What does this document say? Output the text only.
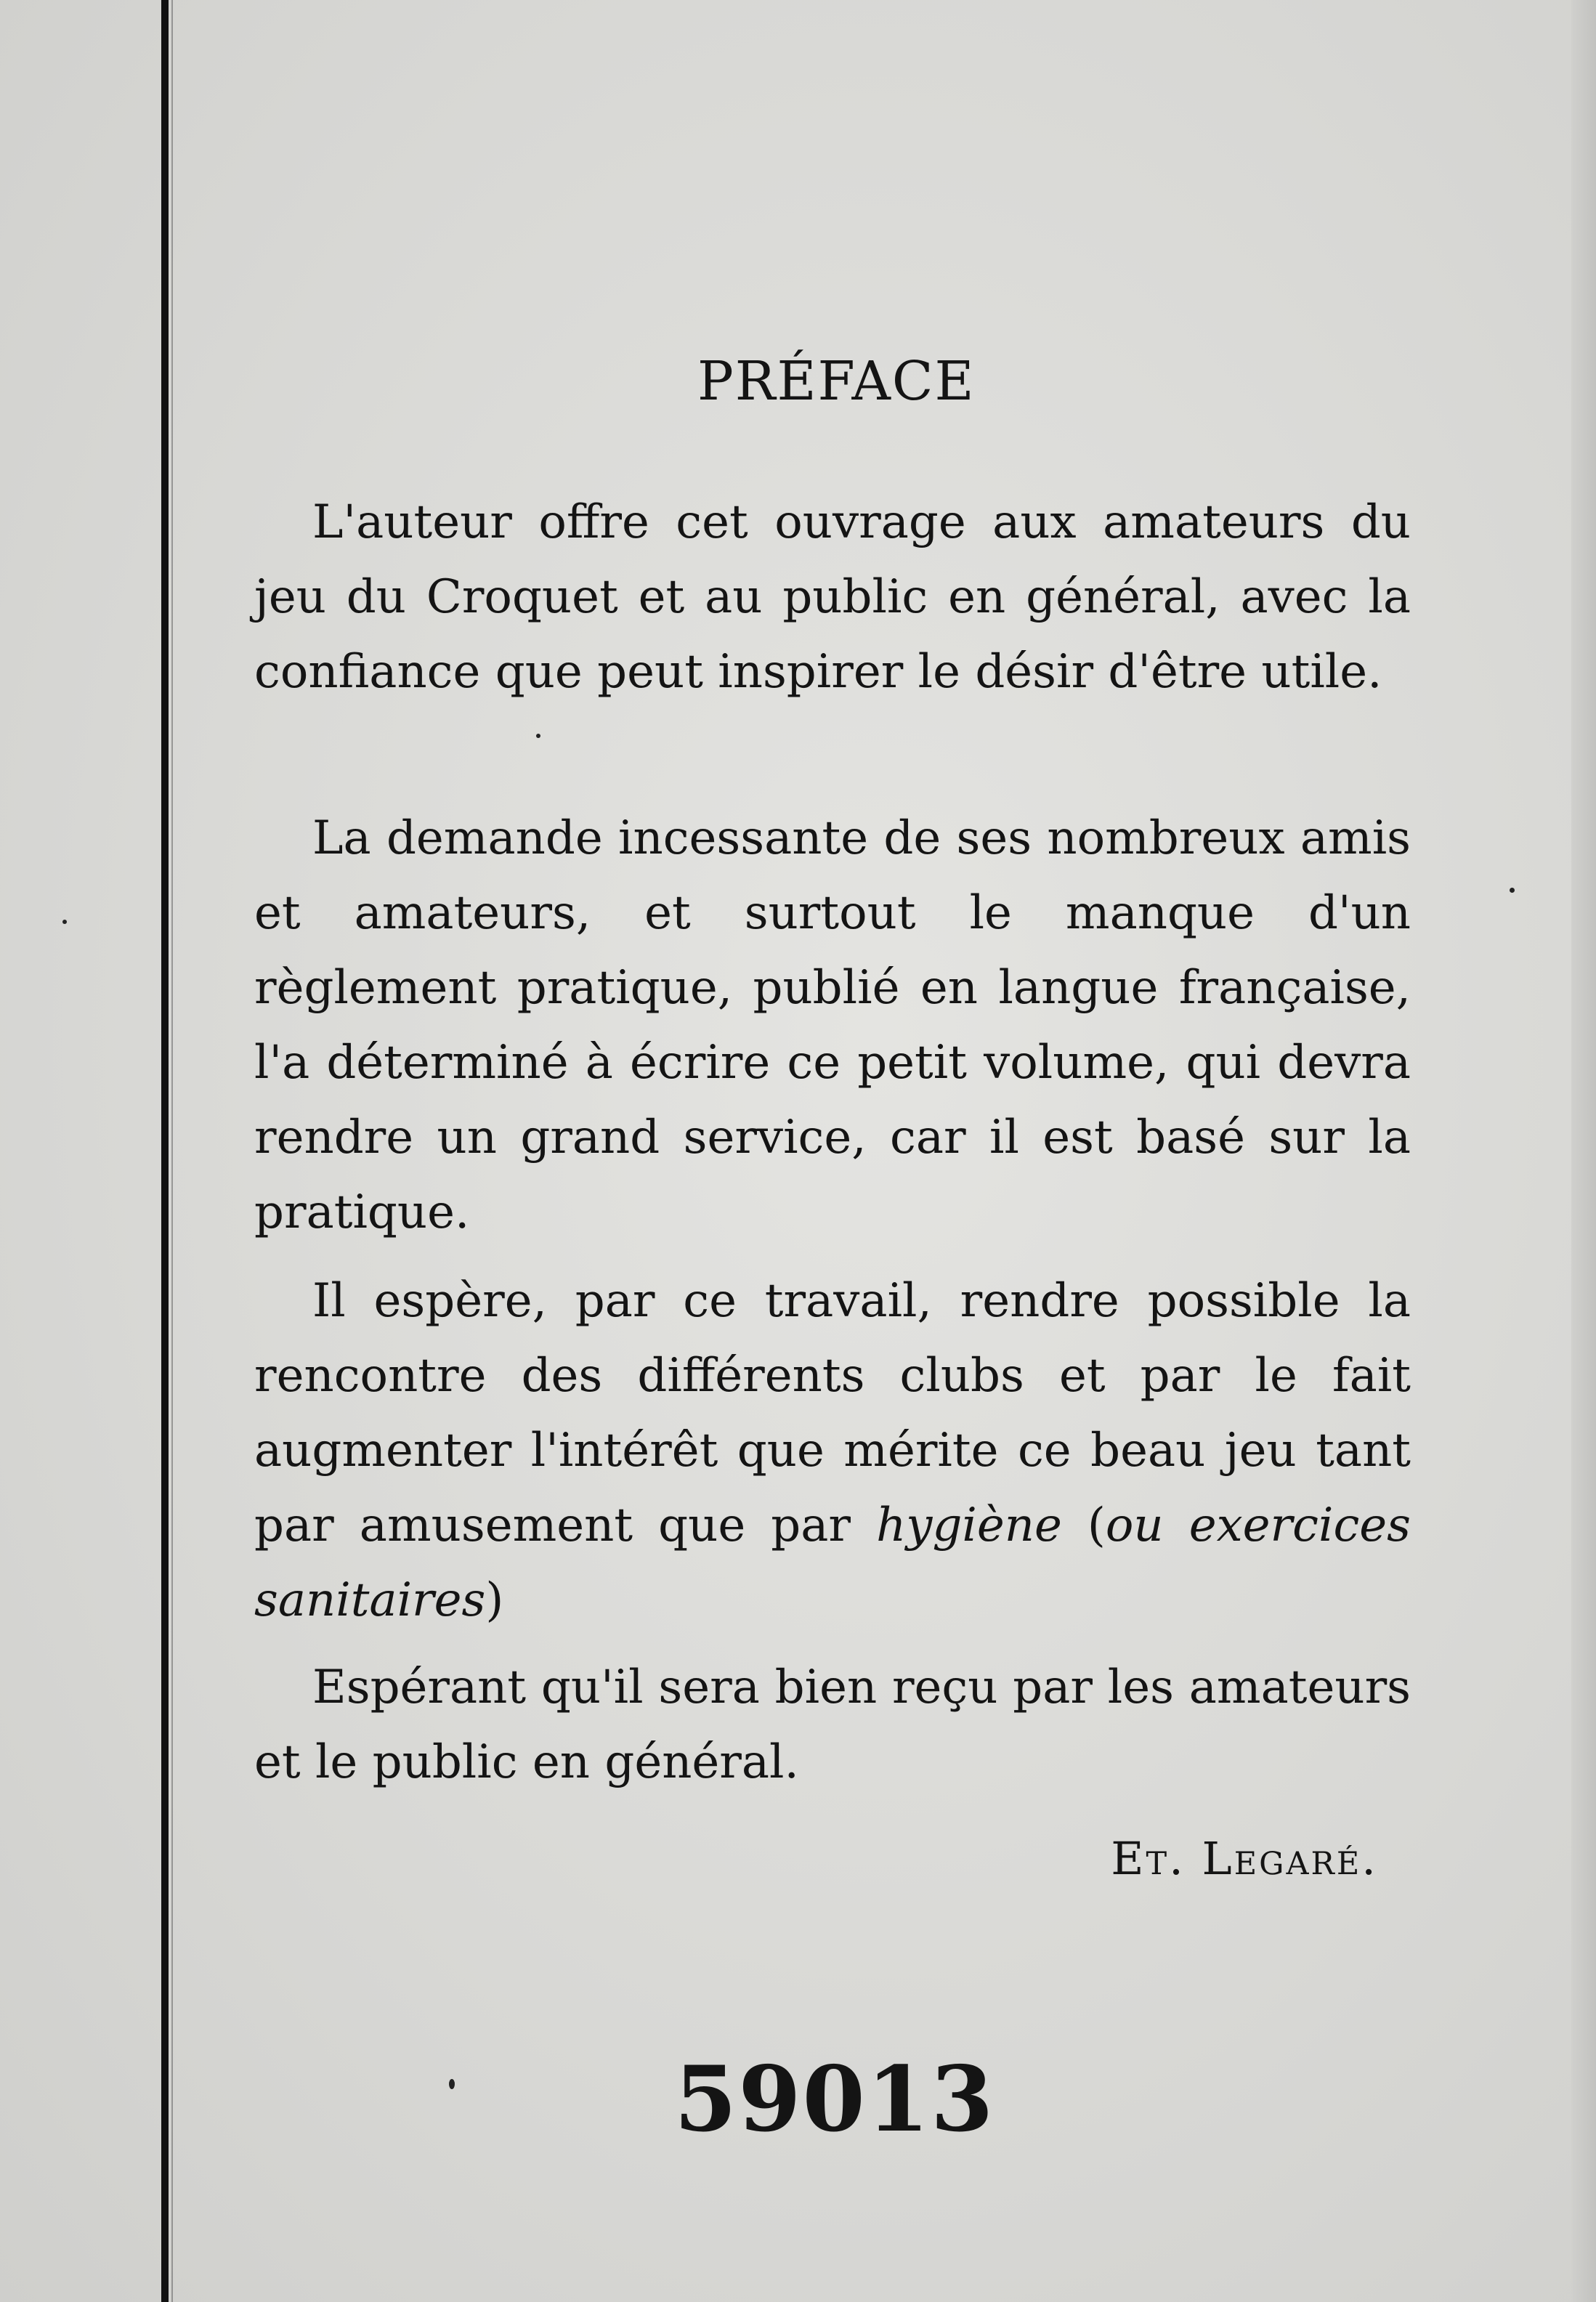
PRÉFACE

L'auteur offre cet ouvrage aux amateurs du jeu du Croquet et au public en général, avec la confiance que peut inspirer le désir d'être utile.

La demande incessante de ses nombreux amis et amateurs, et surtout le manque d'un règlement pratique, publié en langue française, l'a déterminé à écrire ce petit volume, qui devra rendre un grand service, car il est basé sur la pratique.

Il espère, par ce travail, rendre possible la rencontre des différents clubs et par le fait augmenter l'intérêt que mérite ce beau jeu tant par amusement que par hygiène (ou exercices sanitaires)

Espérant qu'il sera bien reçu par les amateurs et le public en général.

Et. Legaré.
59013
